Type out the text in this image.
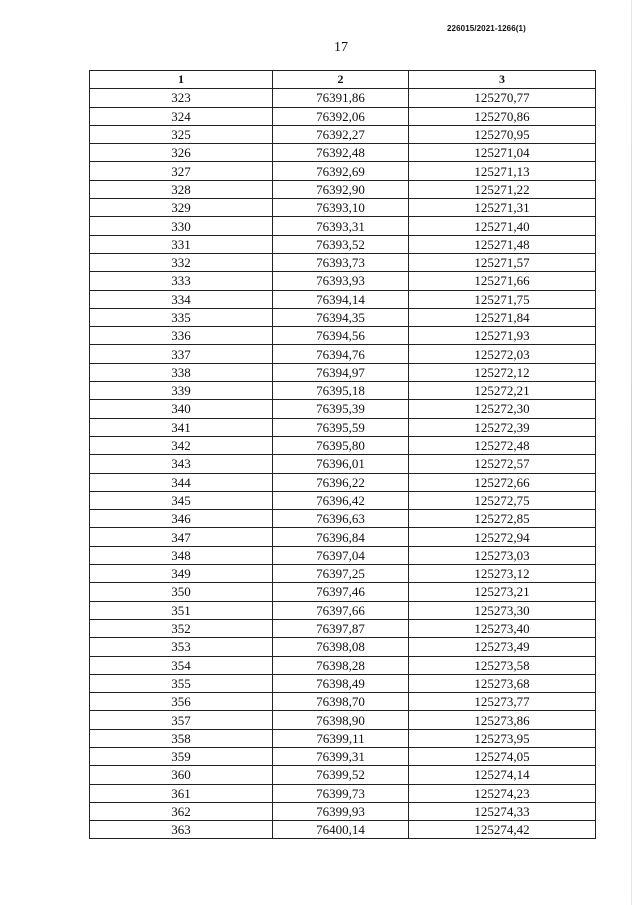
226015/2021-1266(1)
17
1	2	3
323	76391,86	125270,77
324	76392,06	125270,86
325	76392,27	125270,95
326	76392,48	125271,04
327	76392,69	125271,13
328	76392,90	125271,22
329	76393,10	125271,31
330	76393,31	125271,40
331	76393,52	125271,48
332	76393,73	125271,57
333	76393,93	125271,66
334	76394,14	125271,75
335	76394,35	125271,84
336	76394,56	125271,93
337	76394,76	125272,03
338	76394,97	125272,12
339	76395,18	125272,21
340	76395,39	125272,30
341	76395,59	125272,39
342	76395,80	125272,48
343	76396,01	125272,57
344	76396,22	125272,66
345	76396,42	125272,75
346	76396,63	125272,85
347	76396,84	125272,94
348	76397,04	125273,03
349	76397,25	125273,12
350	76397,46	125273,21
351	76397,66	125273,30
352	76397,87	125273,40
353	76398,08	125273,49
354	76398,28	125273,58
355	76398,49	125273,68
356	76398,70	125273,77
357	76398,90	125273,86
358	76399,11	125273,95
359	76399,31	125274,05
360	76399,52	125274,14
361	76399,73	125274,23
362	76399,93	125274,33
363	76400,14	125274,42
